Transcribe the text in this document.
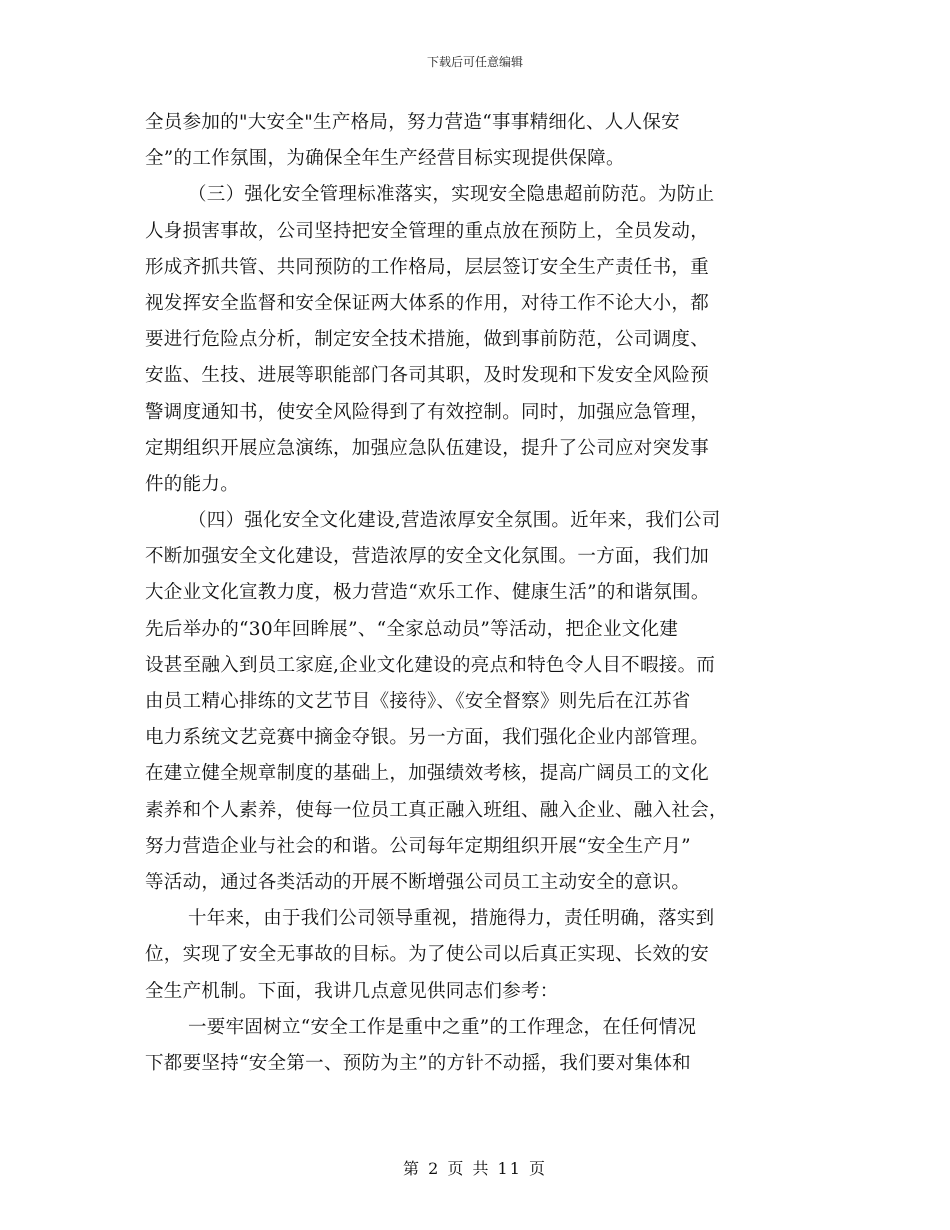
下载后可任意编辑
全员参加的"大安全"生产格局，努力营造“事事精细化、人人保安
全”的工作氛围，为确保全年生产经营目标实现提供保障。
（三）强化安全管理标准落实，实现安全隐患超前防范。为防止
人身损害事故，公司坚持把安全管理的重点放在预防上，全员发动，
形成齐抓共管、共同预防的工作格局，层层签订安全生产责任书，重
视发挥安全监督和安全保证两大体系的作用，对待工作不论大小，都
要进行危险点分析，制定安全技术措施，做到事前防范，公司调度、
安监、生技、进展等职能部门各司其职，及时发现和下发安全风险预
警调度通知书，使安全风险得到了有效控制。同时，加强应急管理，
定期组织开展应急演练，加强应急队伍建设，提升了公司应对突发事
件的能力。
（四）强化安全文化建设,营造浓厚安全氛围。近年来，我们公司
不断加强安全文化建设，营造浓厚的安全文化氛围。一方面，我们加
大企业文化宣教力度，极力营造“欢乐工作、健康生活”的和谐氛围。
先后举办的“30年回眸展”、“全家总动员”等活动，把企业文化建
设甚至融入到员工家庭,企业文化建设的亮点和特色令人目不暇接。而
由员工精心排练的文艺节目《接待》、《安全督察》则先后在江苏省
电力系统文艺竞赛中摘金夺银。另一方面，我们强化企业内部管理。
在建立健全规章制度的基础上，加强绩效考核，提高广阔员工的文化
素养和个人素养，使每一位员工真正融入班组、融入企业、融入社会，
努力营造企业与社会的和谐。公司每年定期组织开展“安全生产月”
等活动，通过各类活动的开展不断增强公司员工主动安全的意识。
十年来，由于我们公司领导重视，措施得力，责任明确，落实到
位，实现了安全无事故的目标。为了使公司以后真正实现、长效的安
全生产机制。下面，我讲几点意见供同志们参考：
一要牢固树立“安全工作是重中之重”的工作理念，在任何情况
下都要坚持“安全第一、预防为主”的方针不动摇，我们要对集体和
第 2 页 共 11 页
